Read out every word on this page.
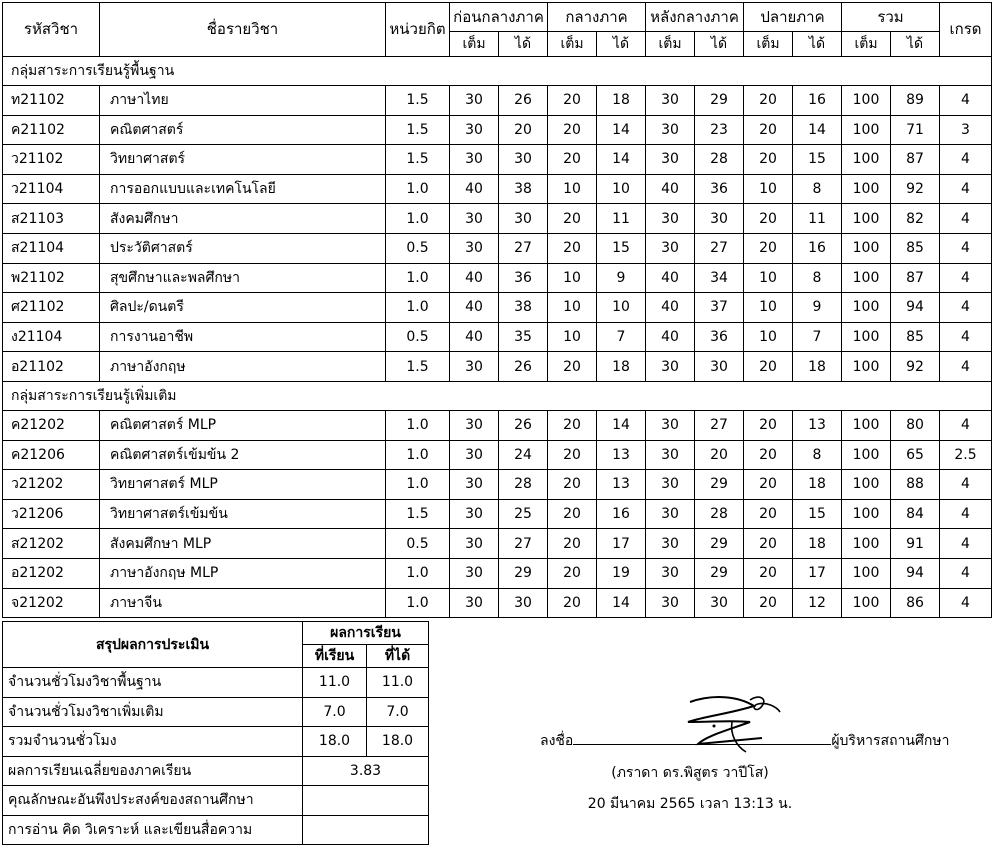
รหัสวิชา	ชื่อรายวิชา	หน่วยกิต	ก่อนกลางภาค		กลางภาค		หลังกลางภาค		ปลายภาค		รวม		เกรด
			เต็ม	ได้	เต็ม	ได้	เต็ม	ได้	เต็ม	ได้	เต็ม	ได้	
กลุ่มสาระการเรียนรู้พื้นฐาน													
ท21102	ภาษาไทย	1.5	30	26	20	18	30	29	20	16	100	89	4
ค21102	คณิตศาสตร์	1.5	30	20	20	14	30	23	20	14	100	71	3
ว21102	วิทยาศาสตร์	1.5	30	30	20	14	30	28	20	15	100	87	4
ว21104	การออกแบบและเทคโนโลยี	1.0	40	38	10	10	40	36	10	8	100	92	4
ส21103	สังคมศึกษา	1.0	30	30	20	11	30	30	20	11	100	82	4
ส21104	ประวัติศาสตร์	0.5	30	27	20	15	30	27	20	16	100	85	4
พ21102	สุขศึกษาและพลศึกษา	1.0	40	36	10	9	40	34	10	8	100	87	4
ศ21102	ศิลปะ/ดนตรี	1.0	40	38	10	10	40	37	10	9	100	94	4
ง21104	การงานอาชีพ	0.5	40	35	10	7	40	36	10	7	100	85	4
อ21102	ภาษาอังกฤษ	1.5	30	26	20	18	30	30	20	18	100	92	4
กลุ่มสาระการเรียนรู้เพิ่มเติม													
ค21202	คณิตศาสตร์ MLP	1.0	30	26	20	14	30	27	20	13	100	80	4
ค21206	คณิตศาสตร์เข้มข้น 2	1.0	30	24	20	13	30	20	20	8	100	65	2.5
ว21202	วิทยาศาสตร์ MLP	1.0	30	28	20	13	30	29	20	18	100	88	4
ว21206	วิทยาศาสตร์เข้มข้น	1.5	30	25	20	16	30	28	20	15	100	84	4
ส21202	สังคมศึกษา MLP	0.5	30	27	20	17	30	29	20	18	100	91	4
อ21202	ภาษาอังกฤษ MLP	1.0	30	29	20	19	30	29	20	17	100	94	4
จ21202	ภาษาจีน	1.0	30	30	20	14	30	30	20	12	100	86	4
สรุปผลการประเมิน	ผลการเรียน	
	ที่เรียน	ที่ได้
จำนวนชั่วโมงวิชาพื้นฐาน	11.0	11.0
จำนวนชั่วโมงวิชาเพิ่มเติม	7.0	7.0
รวมจำนวนชั่วโมง	18.0	18.0
ผลการเรียนเฉลี่ยของภาคเรียน	3.83	
คุณลักษณะอันพึงประสงค์ของสถานศึกษา		
การอ่าน คิด วิเคราะห์ และเขียนสื่อความ		
ลงชื่อ	ผู้บริหารสถานศึกษา
(ภราดา ดร.พิสูตร วาปีโส)
20 มีนาคม 2565 เวลา 13:13 น.
